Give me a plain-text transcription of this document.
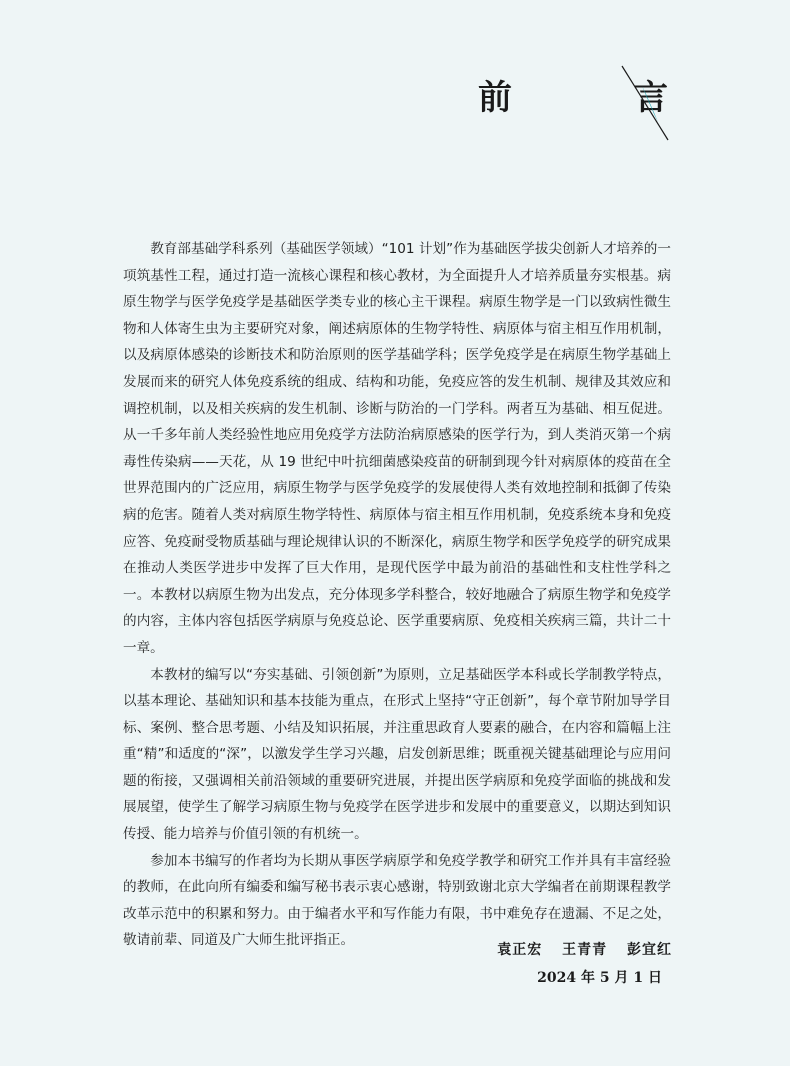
前　言

教育部基础学科系列（基础医学领域）“101 计划”作为基础医学拔尖创新人才培养的一项筑基性工程，通过打造一流核心课程和核心教材，为全面提升人才培养质量夯实根基。病原生物学与医学免疫学是基础医学类专业的核心主干课程。病原生物学是一门以致病性微生物和人体寄生虫为主要研究对象，阐述病原体的生物学特性、病原体与宿主相互作用机制，以及病原体感染的诊断技术和防治原则的医学基础学科；医学免疫学是在病原生物学基础上发展而来的研究人体免疫系统的组成、结构和功能，免疫应答的发生机制、规律及其效应和调控机制，以及相关疾病的发生机制、诊断与防治的一门学科。两者互为基础、相互促进。从一千多年前人类经验性地应用免疫学方法防治病原感染的医学行为，到人类消灭第一个病毒性传染病——天花，从 19 世纪中叶抗细菌感染疫苗的研制到现今针对病原体的疫苗在全世界范围内的广泛应用，病原生物学与医学免疫学的发展使得人类有效地控制和抵御了传染病的危害。随着人类对病原生物学特性、病原体与宿主相互作用机制，免疫系统本身和免疫应答、免疫耐受物质基础与理论规律认识的不断深化，病原生物学和医学免疫学的研究成果在推动人类医学进步中发挥了巨大作用，是现代医学中最为前沿的基础性和支柱性学科之一。本教材以病原生物为出发点，充分体现多学科整合，较好地融合了病原生物学和免疫学的内容，主体内容包括医学病原与免疫总论、医学重要病原、免疫相关疾病三篇，共计二十一章。

本教材的编写以“夯实基础、引领创新”为原则，立足基础医学本科或长学制教学特点，以基本理论、基础知识和基本技能为重点，在形式上坚持“守正创新”，每个章节附加导学目标、案例、整合思考题、小结及知识拓展，并注重思政育人要素的融合，在内容和篇幅上注重“精”和适度的“深”，以激发学生学习兴趣，启发创新思维；既重视关键基础理论与应用问题的衔接，又强调相关前沿领域的重要研究进展，并提出医学病原和免疫学面临的挑战和发展展望，使学生了解学习病原生物与免疫学在医学进步和发展中的重要意义，以期达到知识传授、能力培养与价值引领的有机统一。

参加本书编写的作者均为长期从事医学病原学和免疫学教学和研究工作并具有丰富经验的教师，在此向所有编委和编写秘书表示衷心感谢，特别致谢北京大学编者在前期课程教学改革示范中的积累和努力。由于编者水平和写作能力有限，书中难免存在遗漏、不足之处，敬请前辈、同道及广大师生批评指正。

袁正宏 王青青 彭宜红
2024 年 5 月 1 日
